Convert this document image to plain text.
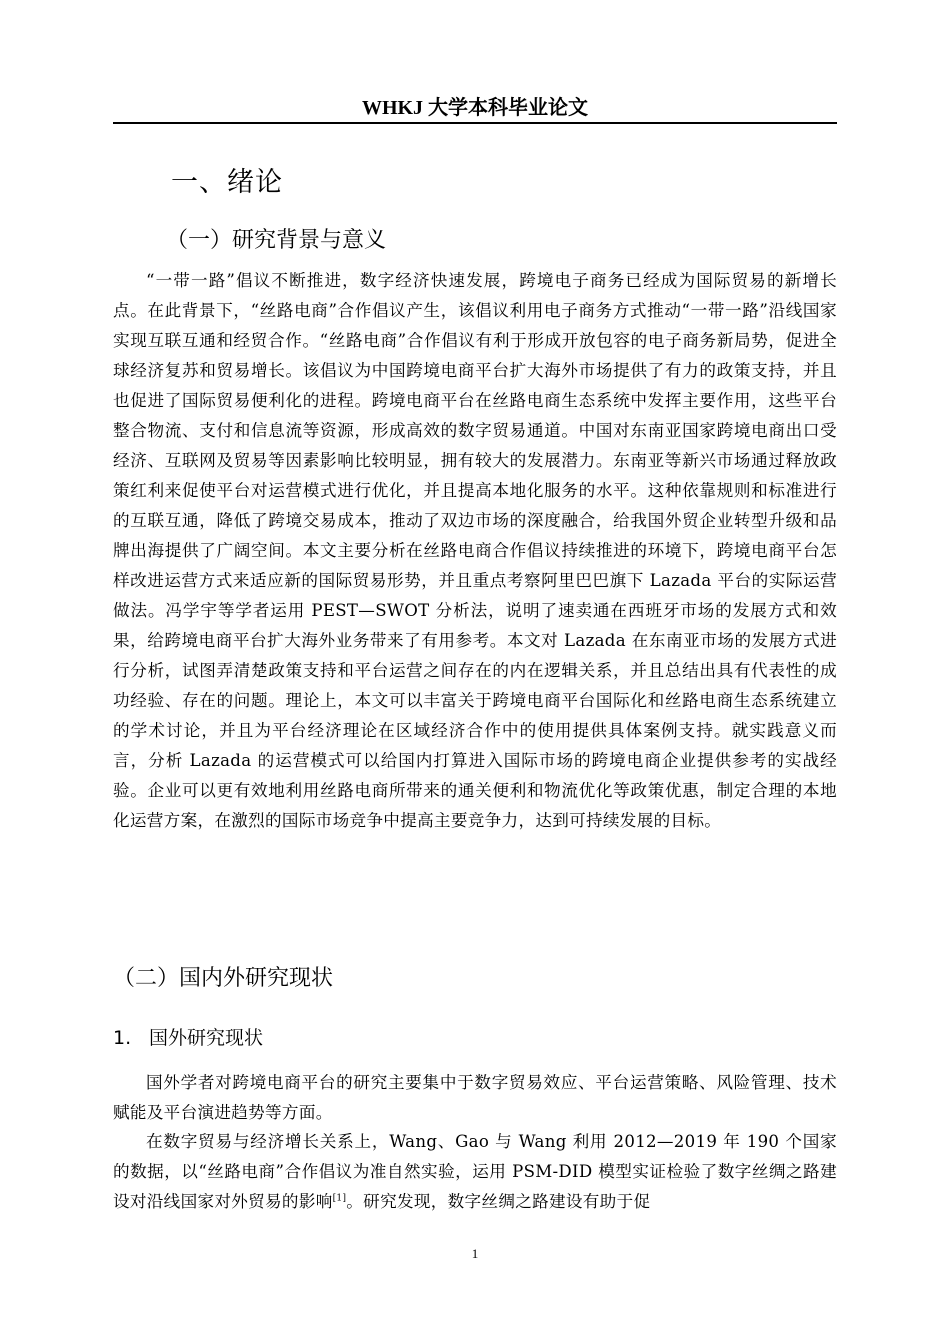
WHKJ 大学本科毕业论文
一、绪论
（一）研究背景与意义

“一带一路”倡议不断推进，数字经济快速发展，跨境电子商务已经成为国际贸易的新增长点。在此背景下，“丝路电商”合作倡议产生，该倡议利用电子商务方式推动“一带一路”沿线国家实现互联互通和经贸合作。“丝路电商”合作倡议有利于形成开放包容的电子商务新局势，促进全球经济复苏和贸易增长。该倡议为中国跨境电商平台扩大海外市场提供了有力的政策支持，并且也促进了国际贸易便利化的进程。跨境电商平台在丝路电商生态系统中发挥主要作用，这些平台整合物流、支付和信息流等资源，形成高效的数字贸易通道。中国对东南亚国家跨境电商出口受经济、互联网及贸易等因素影响比较明显，拥有较大的发展潜力。东南亚等新兴市场通过释放政策红利来促使平台对运营模式进行优化，并且提高本地化服务的水平。这种依靠规则和标准进行的互联互通，降低了跨境交易成本，推动了双边市场的深度融合，给我国外贸企业转型升级和品牌出海提供了广阔空间。本文主要分析在丝路电商合作倡议持续推进的环境下，跨境电商平台怎样改进运营方式来适应新的国际贸易形势，并且重点考察阿里巴巴旗下 Lazada 平台的实际运营做法。冯学宇等学者运用 PEST—SWOT 分析法，说明了速卖通在西班牙市场的发展方式和效果，给跨境电商平台扩大海外业务带来了有用参考。本文对 Lazada 在东南亚市场的发展方式进行分析，试图弄清楚政策支持和平台运营之间存在的内在逻辑关系，并且总结出具有代表性的成功经验、存在的问题。理论上，本文可以丰富关于跨境电商平台国际化和丝路电商生态系统建立的学术讨论，并且为平台经济理论在区域经济合作中的使用提供具体案例支持。就实践意义而言，分析 Lazada 的运营模式可以给国内打算进入国际市场的跨境电商企业提供参考的实战经验。企业可以更有效地利用丝路电商所带来的通关便利和物流优化等政策优惠，制定合理的本地化运营方案，在激烈的国际市场竞争中提高主要竞争力，达到可持续发展的目标。

（二）国内外研究现状
1. 国外研究现状

国外学者对跨境电商平台的研究主要集中于数字贸易效应、平台运营策略、风险管理、技术赋能及平台演进趋势等方面。

在数字贸易与经济增长关系上，Wang、Gao 与 Wang 利用 2012—2019 年 190 个国家的数据，以“丝路电商”合作倡议为准自然实验，运用 PSM-DID 模型实证检验了数字丝绸之路建设对沿线国家对外贸易的影响[1]。研究发现，数字丝绸之路建设有助于促

1
